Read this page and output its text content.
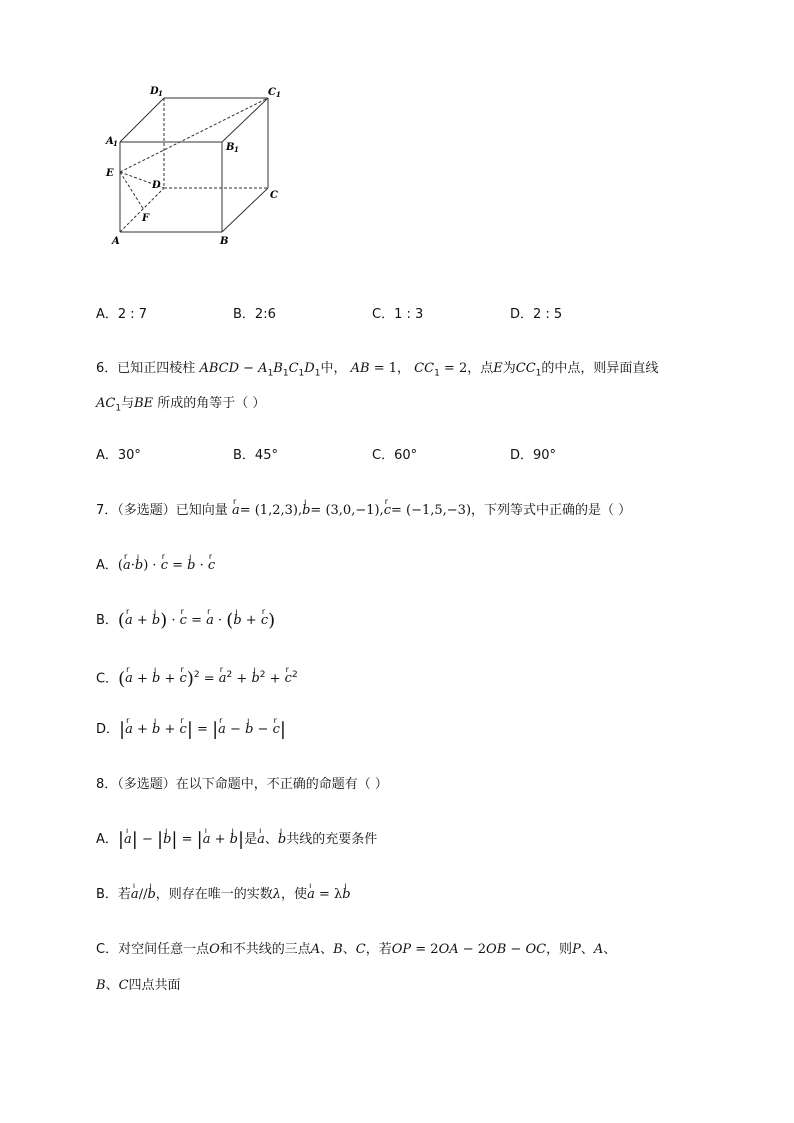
D 1	C 1
A 1	B 1
E
D
C
F
A	B
A．2 : 7	B．2:6	C．1 : 3	D．2 : 5
6．已知正四棱柱 ABCD − $A_1B_1C_1D_1$中， AB = 1， $CC_1 = 2$，点E为$CC_1$的中点，则异面直线
$AC_1$与BE 所成的角等于（ ）
A．30°	B．45°	C．60°	D．90°
7．（多选题）已知向量 r a= (1,2,3),ı b= (3,0,−1),r c= (−1,5,−3)，下列等式中正确的是（ ）
A．(r a·ı b) · r c = ı b · r c
B．(r a + ı b) · r c = r a · (ı b + r c)
C．(r a + ı b + r c)$^2$ = r $a^2$ + ı $b^2 + r$ $c^2$
D．|r a + ı b + r c| = |r a − ı b − r c|
8．（多选题）在以下命题中，不正确的命题有（ ）
A．|ı a| − |ı b| = |ı a + ı b|是ı a、ı b共线的充要条件
B．若ı a//ı b，则存在唯一的实数λ，使ı a = λı b
C．对空间任意一点O和不共线的三点A、B、C，若OP = 2OA − 2OB − OC，则P、A、
B、C四点共面
